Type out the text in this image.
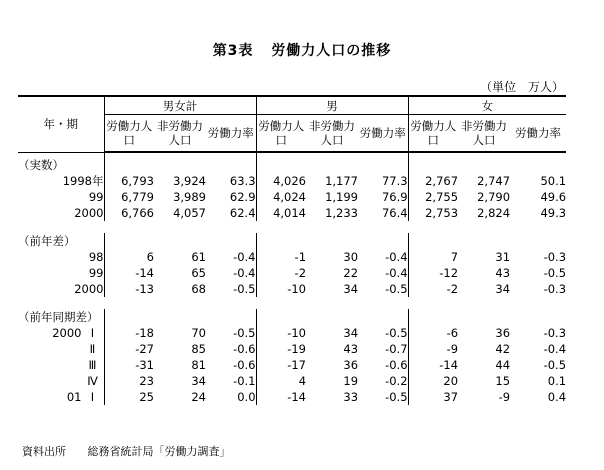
第3表 労働力人口の推移
（単位 万人）
年・期	男女計			男			女		
	労働力人口	非労働力人口	労働力率	労働力人口	非労働力人口	労働力率	労働力人口	非労働力人口	労働力率
（実数）									
1998年	6,793	3,924	63.3	4,026	1,177	77.3	2,767	2,747	50.1
99	6,779	3,989	62.9	4,024	1,199	76.9	2,755	2,790	49.6
2000	6,766	4,057	62.4	4,014	1,233	76.4	2,753	2,824	49.3

（前年差）									
98	6	61	-0.4	-1	30	-0.4	7	31	-0.3
99	-14	65	-0.4	-2	22	-0.4	-12	43	-0.5
2000	-13	68	-0.5	-10	34	-0.5	-2	34	-0.3

（前年同期差）									
2000 Ⅰ	-18	70	-0.5	-10	34	-0.5	-6	36	-0.3
Ⅱ	-27	85	-0.6	-19	43	-0.7	-9	42	-0.4
Ⅲ	-31	81	-0.6	-17	36	-0.6	-14	44	-0.5
Ⅳ	23	34	-0.1	4	19	-0.2	20	15	0.1
01 Ⅰ	25	24	0.0	-14	33	-0.5	37	-9	0.4
資料出所 総務省統計局「労働力調査」
